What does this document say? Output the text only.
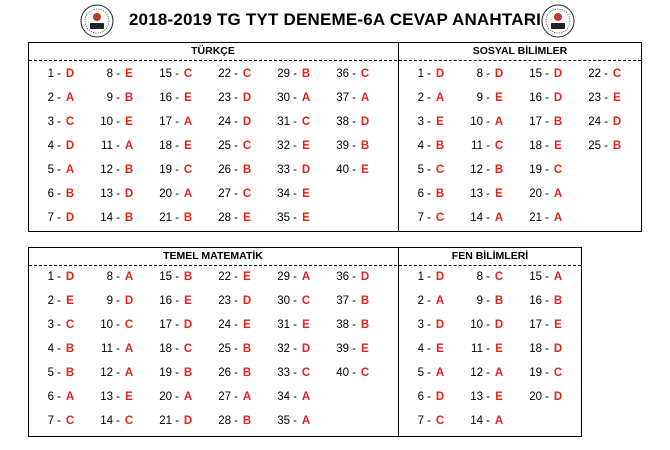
2018-2019 TG TYT DENEME-6A CEVAP ANAHTARI
TÜRKÇE	SOSYAL BİLİMLER
TEMEL MATEMATİK	FEN BİLİMLERİ
1 - D
2 - A
3 - C
4 - D
5 - A
6 - B
7 - D
8 - E
9 - B
10 - E
11 - A
12 - B
13 - D
14 - B
15 - C
16 - E
17 - A
18 - E
19 - C
20 - A
21 - B
22 - C
23 - D
24 - D
25 - C
26 - B
27 - C
28 - E
29 - B
30 - A
31 - C
32 - E
33 - D
34 - E
35 - E
36 - C
37 - A
38 - D
39 - B
40 - E
1 - D
2 - A
3 - E
4 - B
5 - C
6 - B
7 - C
8 - D
9 - E
10 - A
11 - C
12 - B
13 - E
14 - A
15 - D
16 - D
17 - B
18 - E
19 - C
20 - A
21 - A
22 - C
23 - E
24 - D
25 - B
1 - D
2 - E
3 - C
4 - B
5 - B
6 - A
7 - C
8 - A
9 - D
10 - C
11 - A
12 - A
13 - E
14 - C
15 - B
16 - E
17 - D
18 - C
19 - B
20 - A
21 - D
22 - E
23 - D
24 - E
25 - B
26 - B
27 - A
28 - B
29 - A
30 - C
31 - E
32 - D
33 - C
34 - A
35 - A
36 - D
37 - B
38 - B
39 - E
40 - C
1 - D
2 - A
3 - D
4 - E
5 - A
6 - D
7 - C
8 - C
9 - B
10 - D
11 - E
12 - A
13 - E
14 - A
15 - A
16 - B
17 - E
18 - D
19 - C
20 - D
